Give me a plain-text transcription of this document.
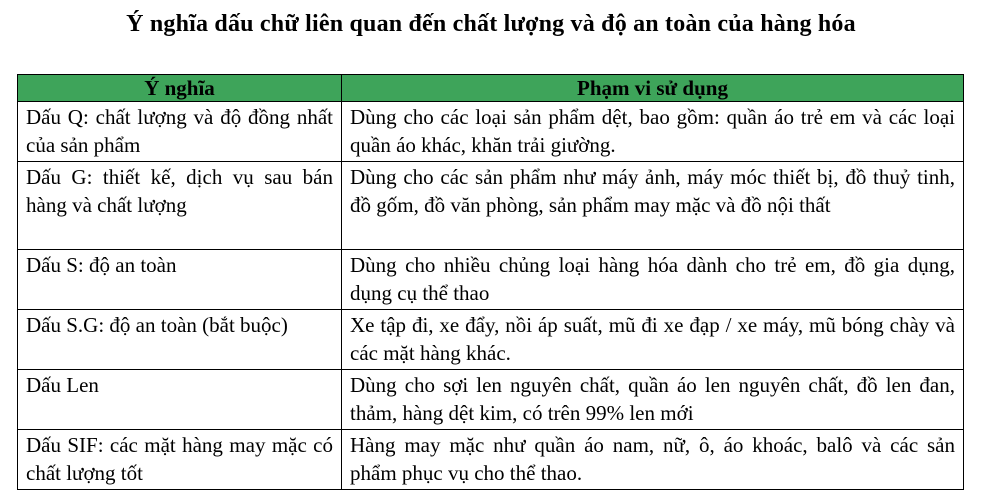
Ý nghĩa dấu chữ liên quan đến chất lượng và độ an toàn của hàng hóa
Ý nghĩa	Phạm vi sử dụng
Dấu Q: chất lượng và độ đồng nhất của sản phẩm	Dùng cho các loại sản phẩm dệt, bao gồm: quần áo trẻ em và các loại quần áo khác, khăn trải giường.
Dấu G: thiết kế, dịch vụ sau bán hàng và chất lượng	Dùng cho các sản phẩm như máy ảnh, máy móc thiết bị, đồ thuỷ tinh, đồ gốm, đồ văn phòng, sản phẩm may mặc và đồ nội thất
Dấu S: độ an toàn	Dùng cho nhiều chủng loại hàng hóa dành cho trẻ em, đồ gia dụng, dụng cụ thể thao
Dấu S.G: độ an toàn (bắt buộc)	Xe tập đi, xe đẩy, nồi áp suất, mũ đi xe đạp / xe máy, mũ bóng chày và các mặt hàng khác.
Dấu Len	Dùng cho sợi len nguyên chất, quần áo len nguyên chất, đồ len đan, thảm, hàng dệt kim, có trên 99% len mới
Dấu SIF: các mặt hàng may mặc có chất lượng tốt	Hàng may mặc như quần áo nam, nữ, ô, áo khoác, balô và các sản phẩm phục vụ cho thể thao.
